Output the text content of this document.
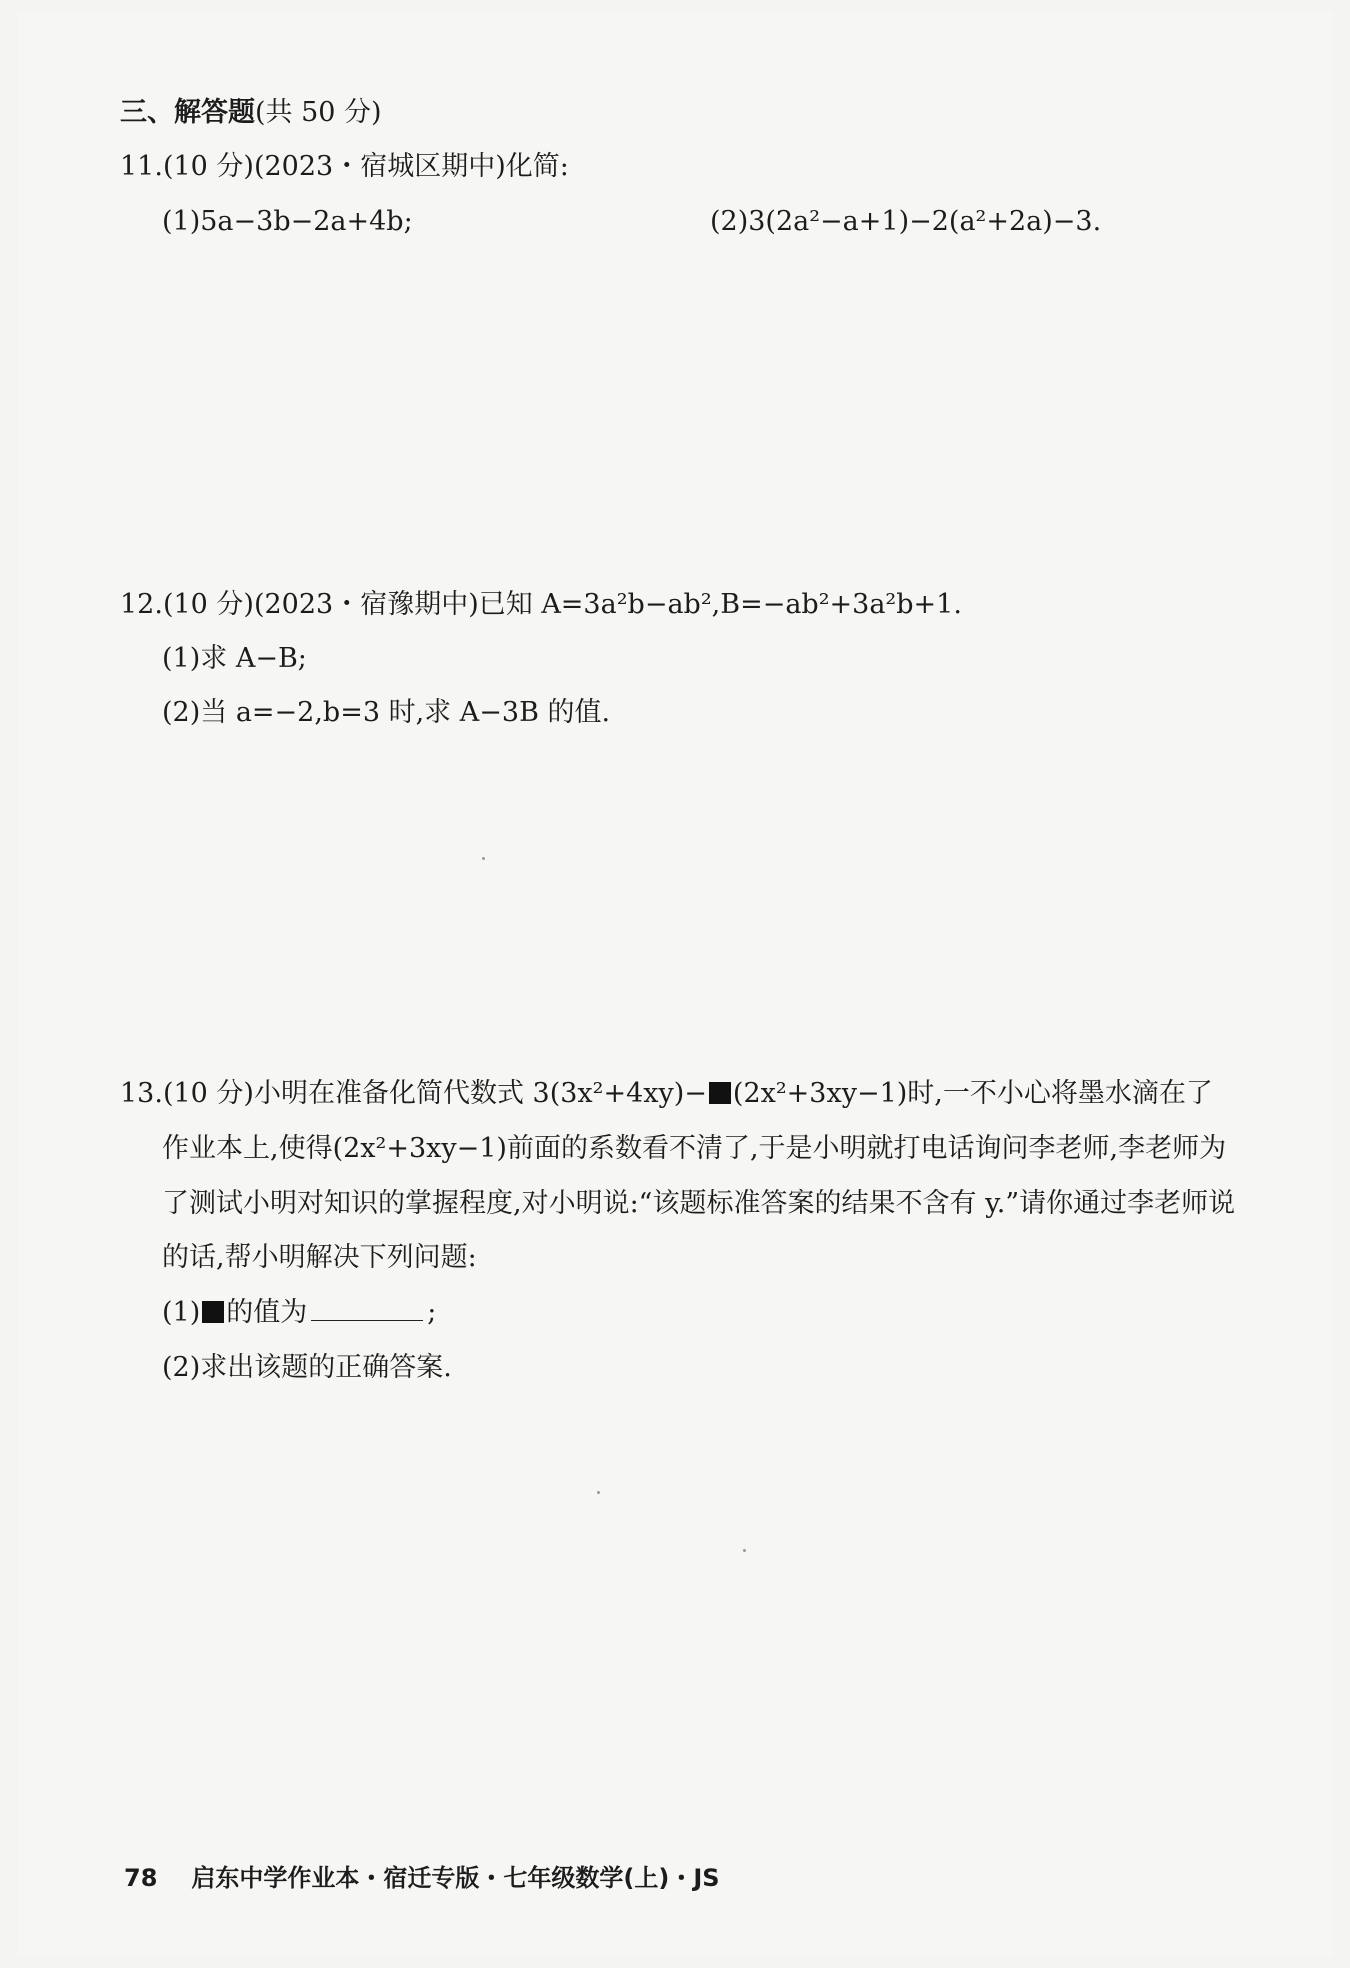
三、解答题(共 50 分)
11.(10 分)(2023・宿城区期中)化简:
(1)5a−3b−2a+4b;	(2)3(2a²−a+1)−2(a²+2a)−3.
12.(10 分)(2023・宿豫期中)已知 A=3a²b−ab²,B=−ab²+3a²b+1.
(1)求 A−B;
(2)当 a=−2,b=3 时,求 A−3B 的值.
13.(10 分)小明在准备化简代数式 3(3x²+4xy)− (2x²+3xy−1)时,一不小心将墨水滴在了
作业本上,使得(2x²+3xy−1)前面的系数看不清了,于是小明就打电话询问李老师,李老师为
了测试小明对知识的掌握程度,对小明说:“该题标准答案的结果不含有 y.”请你通过李老师说
的话,帮小明解决下列问题:
(1) 的值为	;
(2)求出该题的正确答案.
78 启东中学作业本・宿迁专版・七年级数学(上)・JS
